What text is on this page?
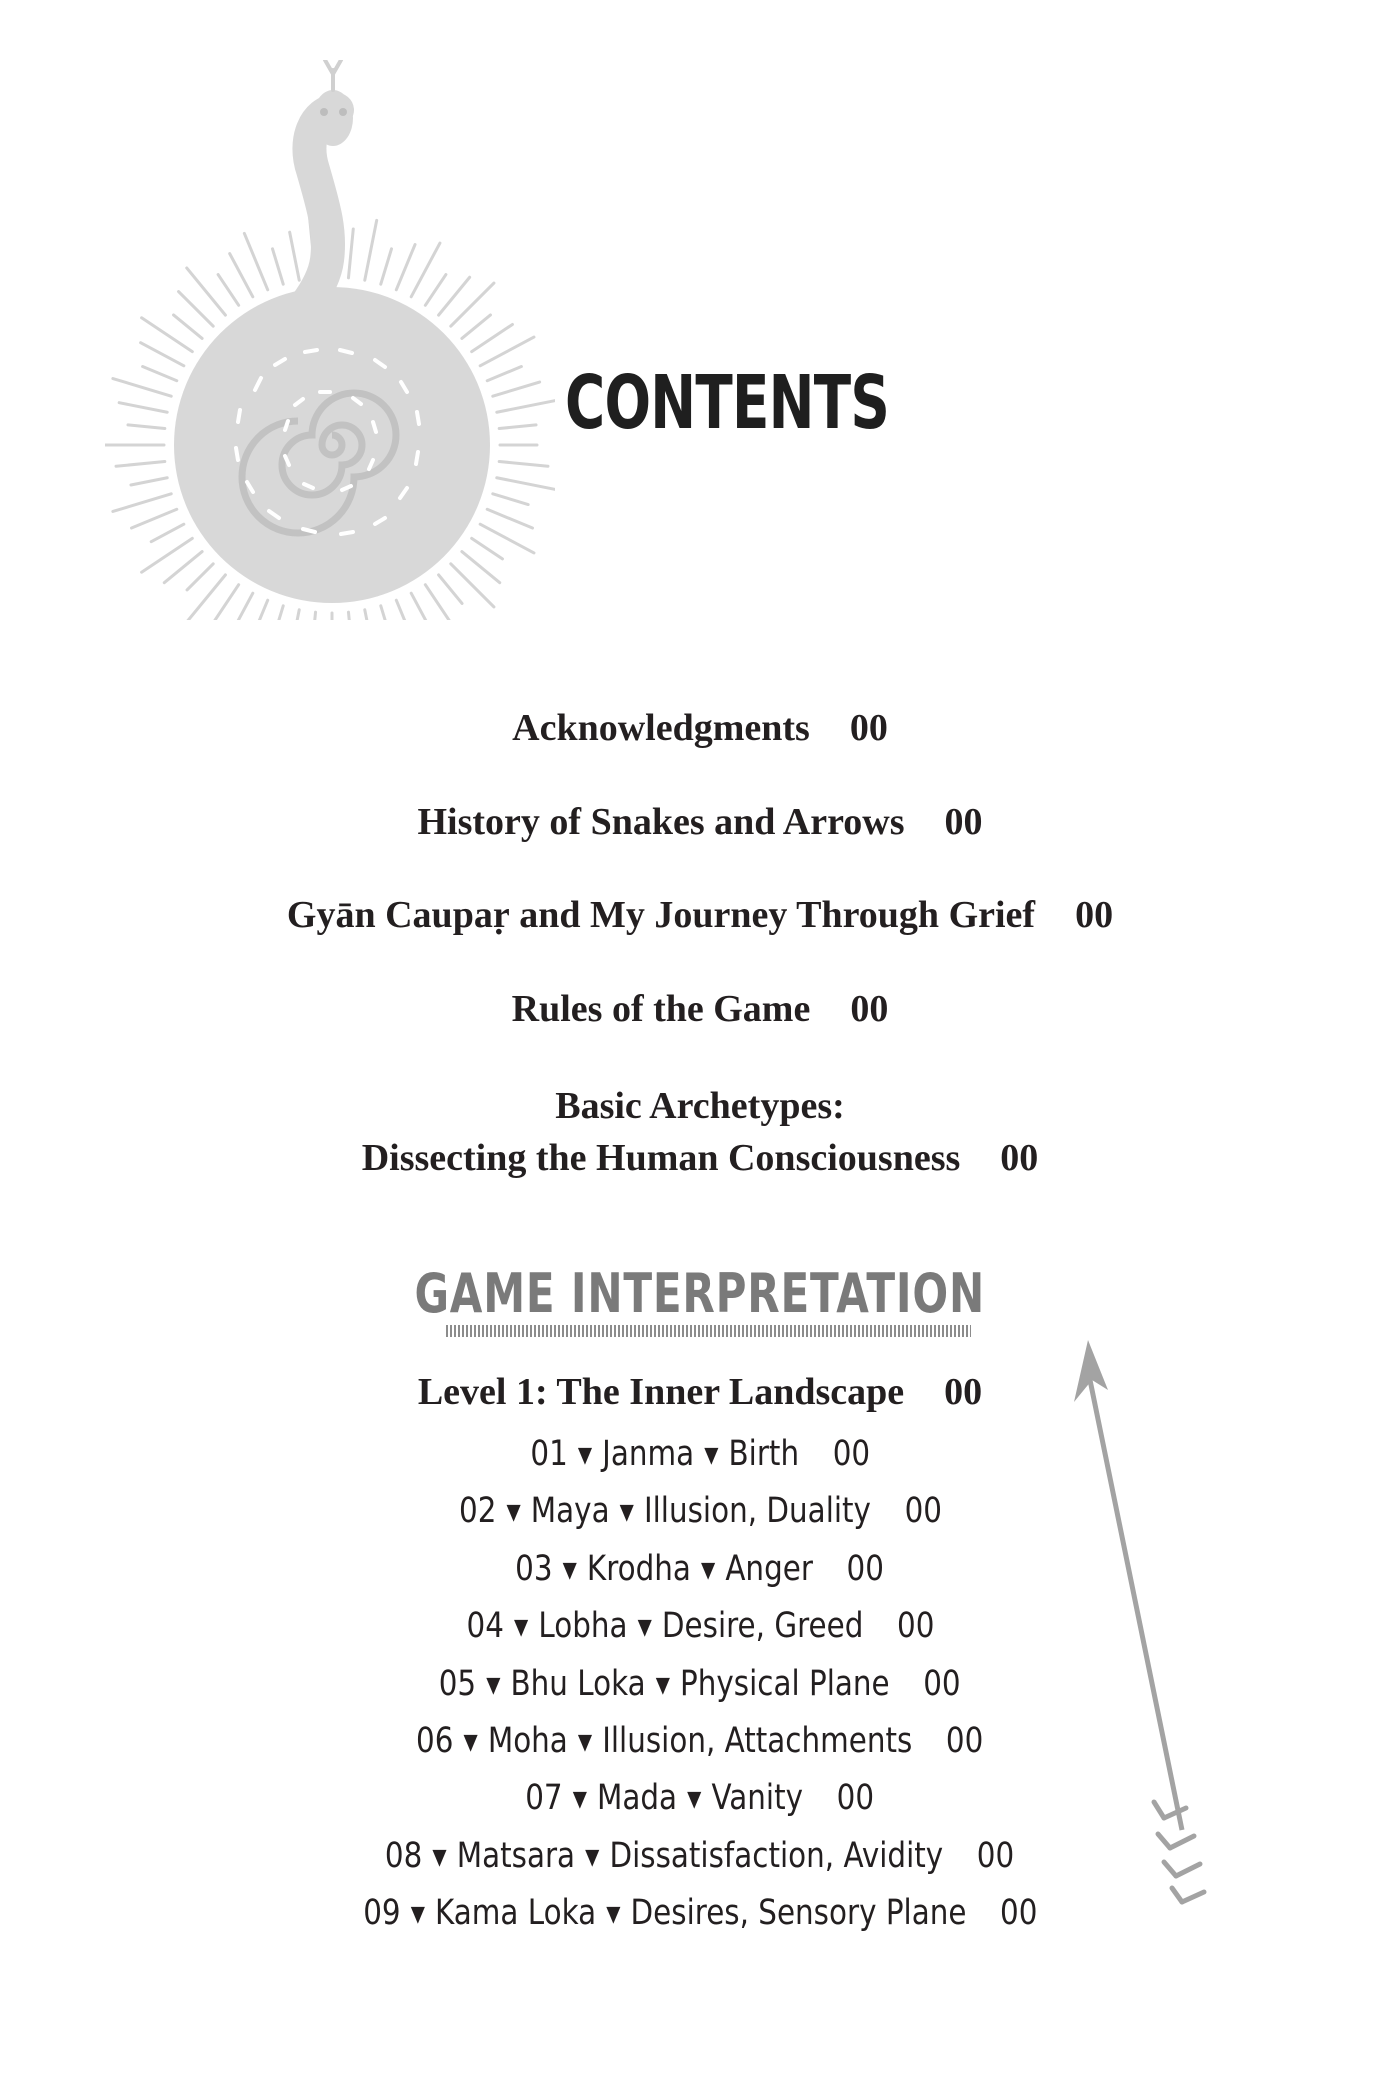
CONTENTS

Acknowledgments 00

History of Snakes and Arrows 00

Gyān Caupaṛ and My Journey Through Grief 00

Rules of the Game 00

Basic Archetypes:

Dissecting the Human Consciousness 00

GAME INTERPRETATION

Level 1: The Inner Landscape 00

01 ▼ Janma ▼ Birth 00
02 ▼ Maya ▼ Illusion, Duality 00
03 ▼ Krodha ▼ Anger 00
04 ▼ Lobha ▼ Desire, Greed 00
05 ▼ Bhu Loka ▼ Physical Plane 00
06 ▼ Moha ▼ Illusion, Attachments 00
07 ▼ Mada ▼ Vanity 00
08 ▼ Matsara ▼ Dissatisfaction, Avidity 00
09 ▼ Kama Loka ▼ Desires, Sensory Plane 00
